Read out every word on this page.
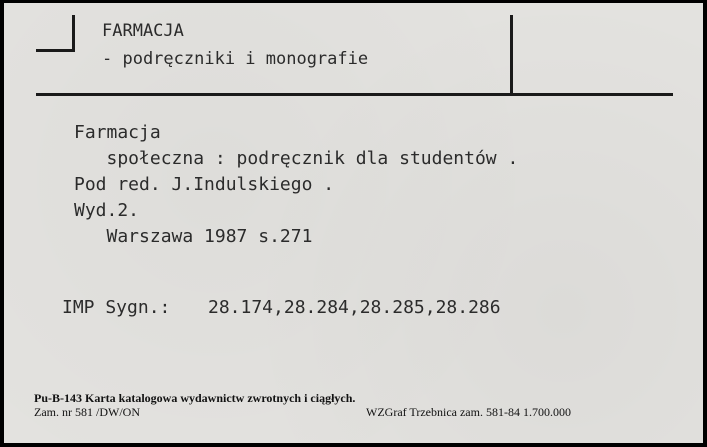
FARMACJA
- podręczniki i monografie
Farmacja
społeczna : podręcznik dla studentów .
Pod red. J.Indulskiego .
Wyd.2.
Warszawa 1987 s.271
IMP Sygn.: 28.174,28.284,28.285,28.286
Pu-B-143 Karta katalogowa wydawnictw zwrotnych i ciągłych.
Zam. nr 581 /DW/ON	WZGraf Trzebnica zam. 581-84 1.700.000
